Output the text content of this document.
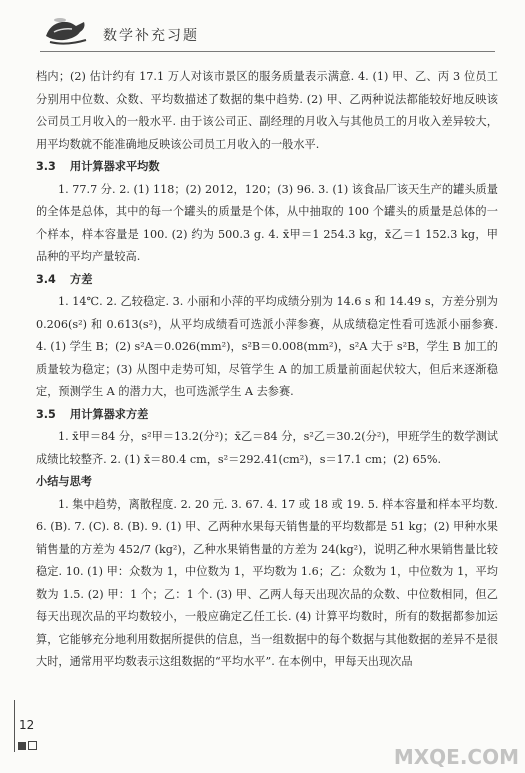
数学补充习题

档内；(2) 估计约有 17.1 万人对该市景区的服务质量表示满意. 4. (1) 甲、乙、丙 3 位员工分别用中位数、众数、平均数描述了数据的集中趋势. (2) 甲、乙两种说法都能较好地反映该公司员工月收入的一般水平. 由于该公司正、副经理的月收入与其他员工的月收入差异较大，用平均数就不能准确地反映该公司员工月收入的一般水平.

3.3 用计算器求平均数

1. 77.7 分. 2. (1) 118；(2) 2012，120；(3) 96. 3. (1) 该食品厂该天生产的罐头质量的全体是总体，其中的每一个罐头的质量是个体，从中抽取的 100 个罐头的质量是总体的一个样本，样本容量是 100. (2) 约为 500.3 g. 4. x̄甲＝1 254.3 kg，x̄乙＝1 152.3 kg，甲品种的平均产量较高.

3.4 方差

1. 14℃. 2. 乙较稳定. 3. 小丽和小萍的平均成绩分别为 14.6 s 和 14.49 s，方差分别为 0.206(s²) 和 0.613(s²)，从平均成绩看可选派小萍参赛，从成绩稳定性看可选派小丽参赛. 4. (1) 学生 B；(2) s²A＝0.026(mm²)，s²B＝0.008(mm²)，s²A 大于 s²B，学生 B 加工的质量较为稳定；(3) 从图中走势可知，尽管学生 A 的加工质量前面起伏较大，但后来逐渐稳定，预测学生 A 的潜力大，也可选派学生 A 去参赛.

3.5 用计算器求方差

1. x̄甲＝84 分，s²甲＝13.2(分²)；x̄乙＝84 分，s²乙＝30.2(分²)，甲班学生的数学测试成绩比较整齐. 2. (1) x̄＝80.4 cm，s²＝292.41(cm²)，s＝17.1 cm；(2) 65%.

小结与思考

1. 集中趋势，离散程度. 2. 20 元. 3. 67. 4. 17 或 18 或 19. 5. 样本容量和样本平均数. 6. (B). 7. (C). 8. (B). 9. (1) 甲、乙两种水果每天销售量的平均数都是 51 kg；(2) 甲种水果销售量的方差为 452/7 (kg²)，乙种水果销售量的方差为 24(kg²)，说明乙种水果销售量比较稳定. 10. (1) 甲：众数为 1，中位数为 1，平均数为 1.6；乙：众数为 1，中位数为 1，平均数为 1.5. (2) 甲：1 个；乙：1 个. (3) 甲、乙两人每天出现次品的众数、中位数相同，但乙每天出现次品的平均数较小，一般应确定乙任工长. (4) 计算平均数时，所有的数据都参加运算，它能够充分地利用数据所提供的信息，当一组数据中的每个数据与其他数据的差异不是很大时，通常用平均数表示这组数据的“平均水平”. 在本例中，甲每天出现次品

12
MXQE.COM
